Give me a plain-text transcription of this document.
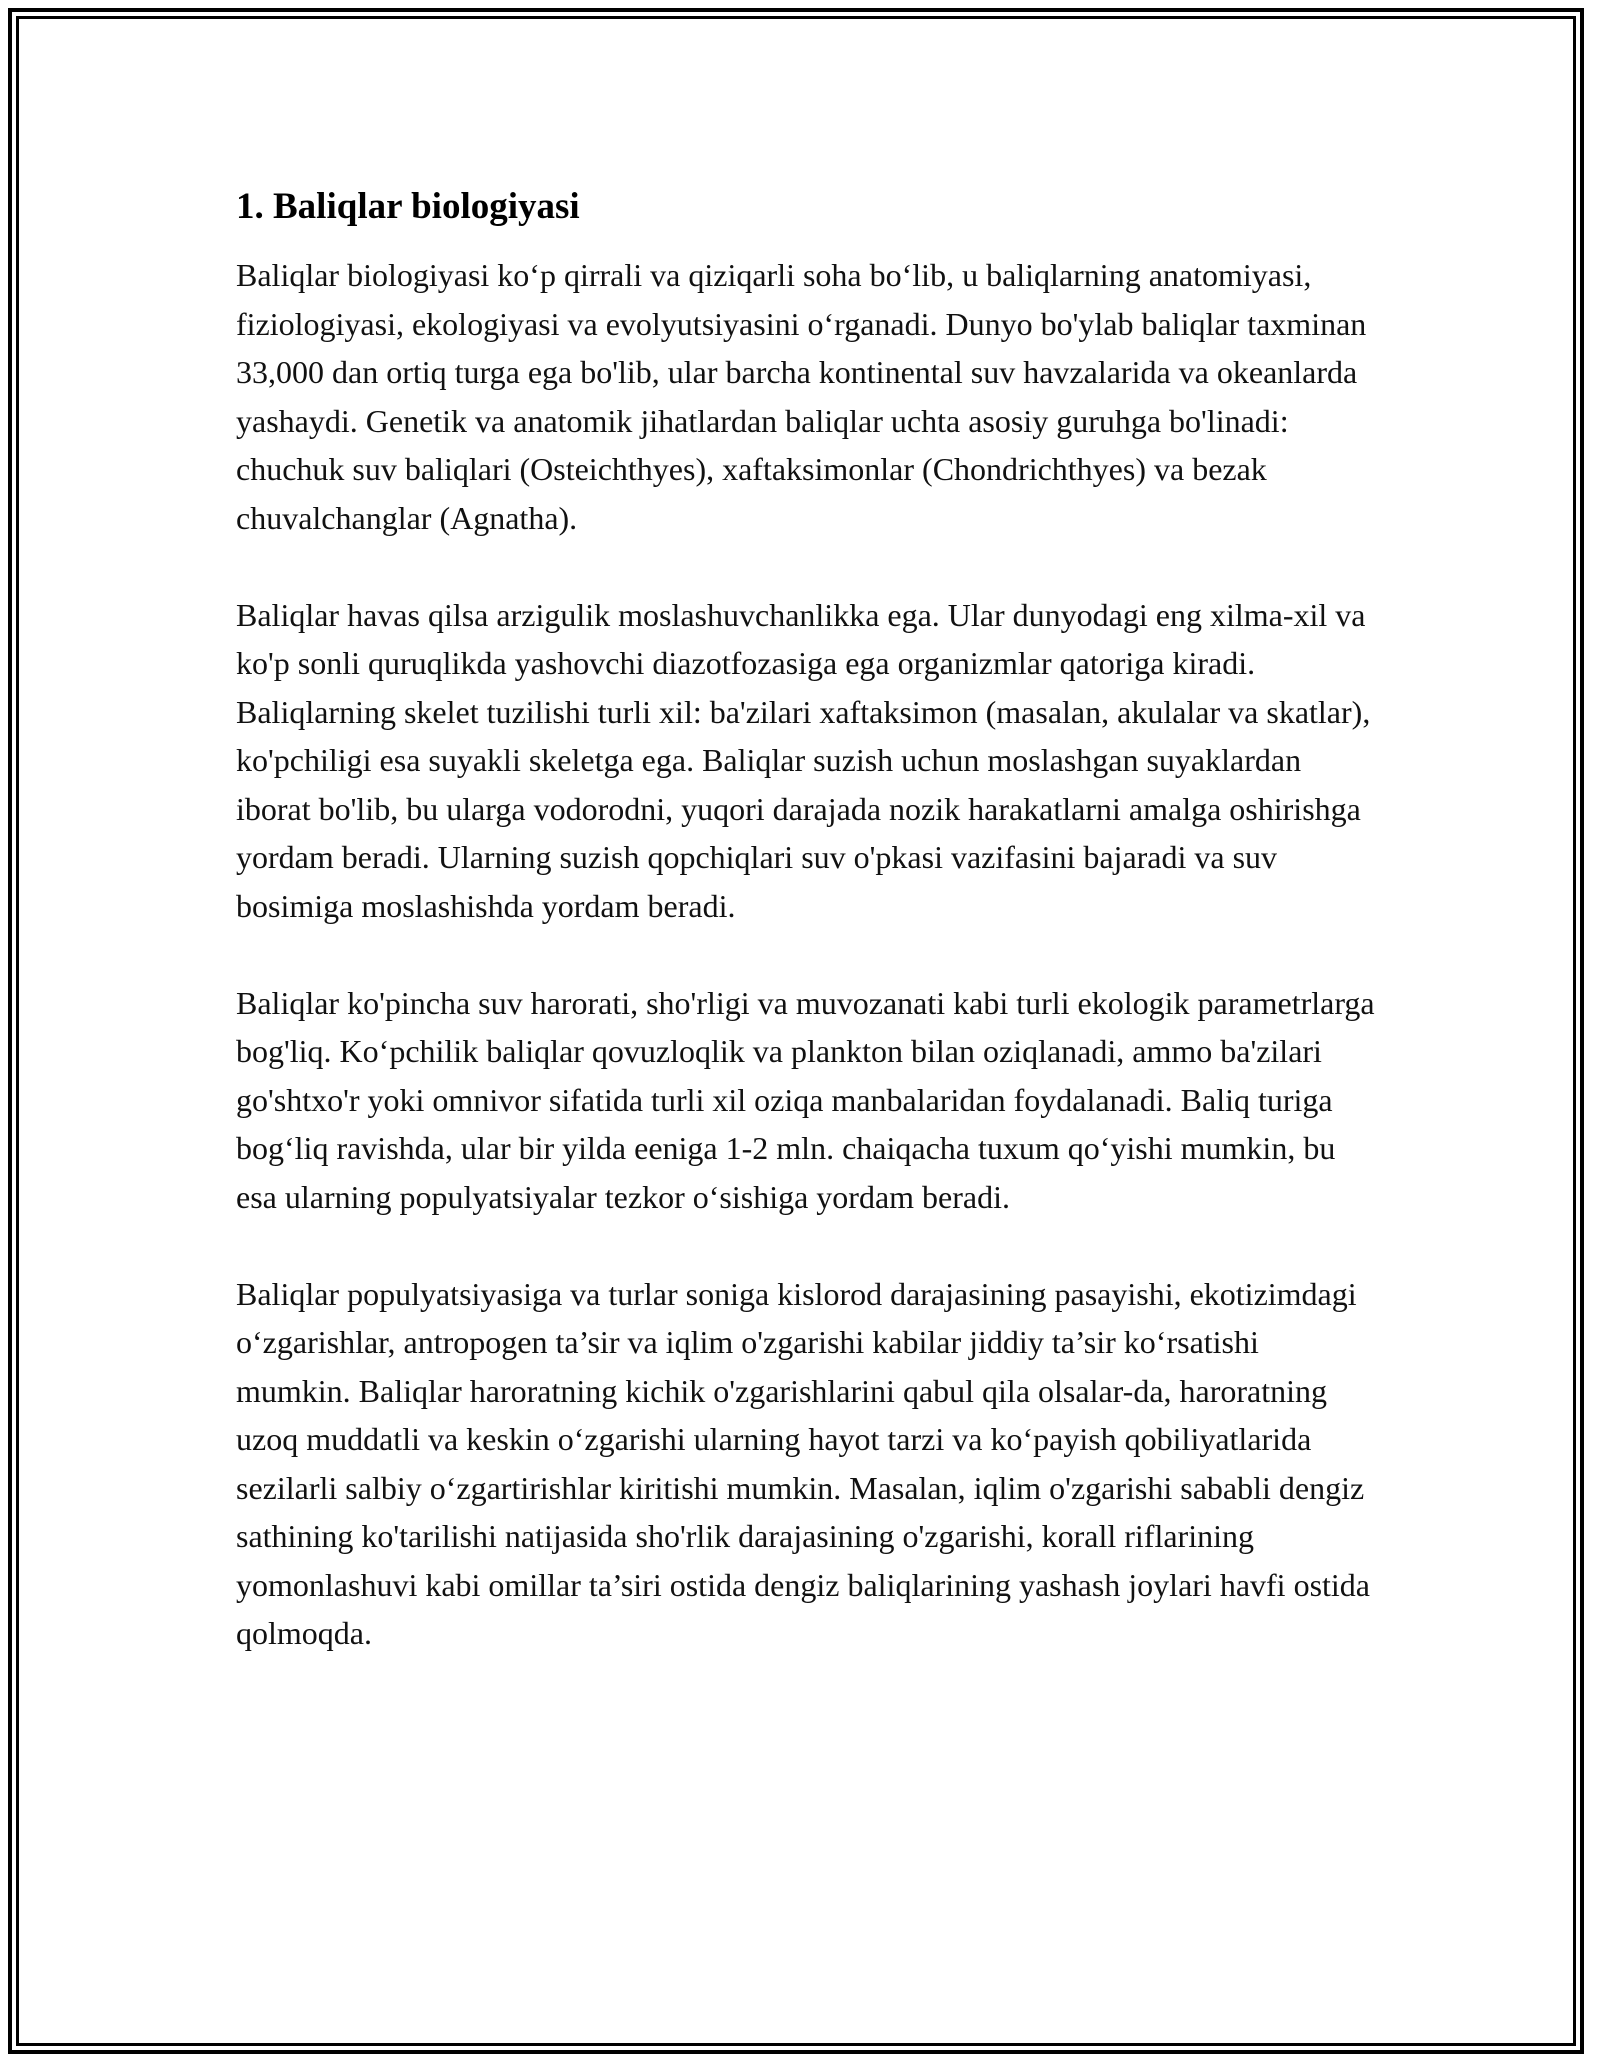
1. Baliqlar biologiyasi

Baliqlar biologiyasi ko‘p qirrali va qiziqarli soha bo‘lib, u baliqlarning anatomiyasi, fiziologiyasi, ekologiyasi va evolyutsiyasini o‘rganadi. Dunyo bo'ylab baliqlar taxminan 33,000 dan ortiq turga ega bo'lib, ular barcha kontinental suv havzalarida va okeanlarda yashaydi. Genetik va anatomik jihatlardan baliqlar uchta asosiy guruhga bo'linadi: chuchuk suv baliqlari (Osteichthyes), xaftaksimonlar (Chondrichthyes) va bezak chuvalchanglar (Agnatha).

Baliqlar havas qilsa arzigulik moslashuvchanlikka ega. Ular dunyodagi eng xilma-xil va ko'p sonli quruqlikda yashovchi diazotfozasiga ega organizmlar qatoriga kiradi. Baliqlarning skelet tuzilishi turli xil: ba'zilari xaftaksimon (masalan, akulalar va skatlar), ko'pchiligi esa suyakli skeletga ega. Baliqlar suzish uchun moslashgan suyaklardan iborat bo'lib, bu ularga vodorodni, yuqori darajada nozik harakatlarni amalga oshirishga yordam beradi. Ularning suzish qopchiqlari suv o'pkasi vazifasini bajaradi va suv bosimiga moslashishda yordam beradi.

Baliqlar ko'pincha suv harorati, sho'rligi va muvozanati kabi turli ekologik parametrlarga bog'liq. Ko‘pchilik baliqlar qovuzloqlik va plankton bilan oziqlanadi, ammo ba'zilari go'shtxo'r yoki omnivor sifatida turli xil oziqa manbalaridan foydalanadi. Baliq turiga bog‘liq ravishda, ular bir yilda eeniga 1-2 mln. chaiqacha tuxum qo‘yishi mumkin, bu esa ularning populyatsiyalar tezkor o‘sishiga yordam beradi.

Baliqlar populyatsiyasiga va turlar soniga kislorod darajasining pasayishi, ekotizimdagi o‘zgarishlar, antropogen ta’sir va iqlim o'zgarishi kabilar jiddiy ta’sir ko‘rsatishi mumkin. Baliqlar haroratning kichik o'zgarishlarini qabul qila olsalar-da, haroratning uzoq muddatli va keskin o‘zgarishi ularning hayot tarzi va ko‘payish qobiliyatlarida sezilarli salbiy o‘zgartirishlar kiritishi mumkin. Masalan, iqlim o'zgarishi sababli dengiz sathining ko'tarilishi natijasida sho'rlik darajasining o'zgarishi, korall riflarining yomonlashuvi kabi omillar ta’siri ostida dengiz baliqlarining yashash joylari havfi ostida qolmoqda.
